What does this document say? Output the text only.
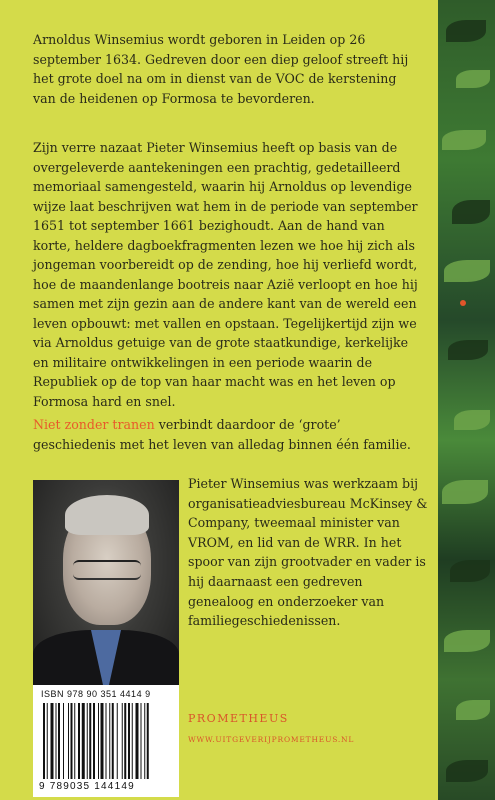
Arnoldus Winsemius wordt geboren in Leiden op 26 september 1634. Gedreven door een diep geloof streeft hij het grote doel na om in dienst van de VOC de kerstening van de heidenen op Formosa te bevorderen.

Zijn verre nazaat Pieter Winsemius heeft op basis van de overgeleverde aantekeningen een prachtig, gedetailleerd memoriaal samengesteld, waarin hij Arnoldus op levendige wijze laat beschrijven wat hem in de periode van september 1651 tot september 1661 bezighoudt. Aan de hand van korte, heldere dagboekfragmenten lezen we hoe hij zich als jongeman voorbereidt op de zending, hoe hij verliefd wordt, hoe de maandenlange bootreis naar Azië verloopt en hoe hij samen met zijn gezin aan de andere kant van de wereld een leven opbouwt: met vallen en opstaan. Tegelijkertijd zijn we via Arnoldus getuige van de grote staatkundige, kerkelijke en militaire ontwikkelingen in een periode waarin de Republiek op de top van haar macht was en het leven op Formosa hard en snel.

Niet zonder tranen verbindt daardoor de ‘grote’ geschiedenis met het leven van alledag binnen één familie.

Pieter Winsemius was werkzaam bij organisatieadviesbureau McKinsey & Company, tweemaal minister van VROM, en lid van de WRR. In het spoor van zijn grootvader en vader is hij daarnaast een gedreven genealoog en onderzoeker van familiegeschiedenissen.
ISBN 978 90 351 4414 9
9 789035 144149
PROMETHEUS
WWW.UITGEVERIJPROMETHEUS.NL
